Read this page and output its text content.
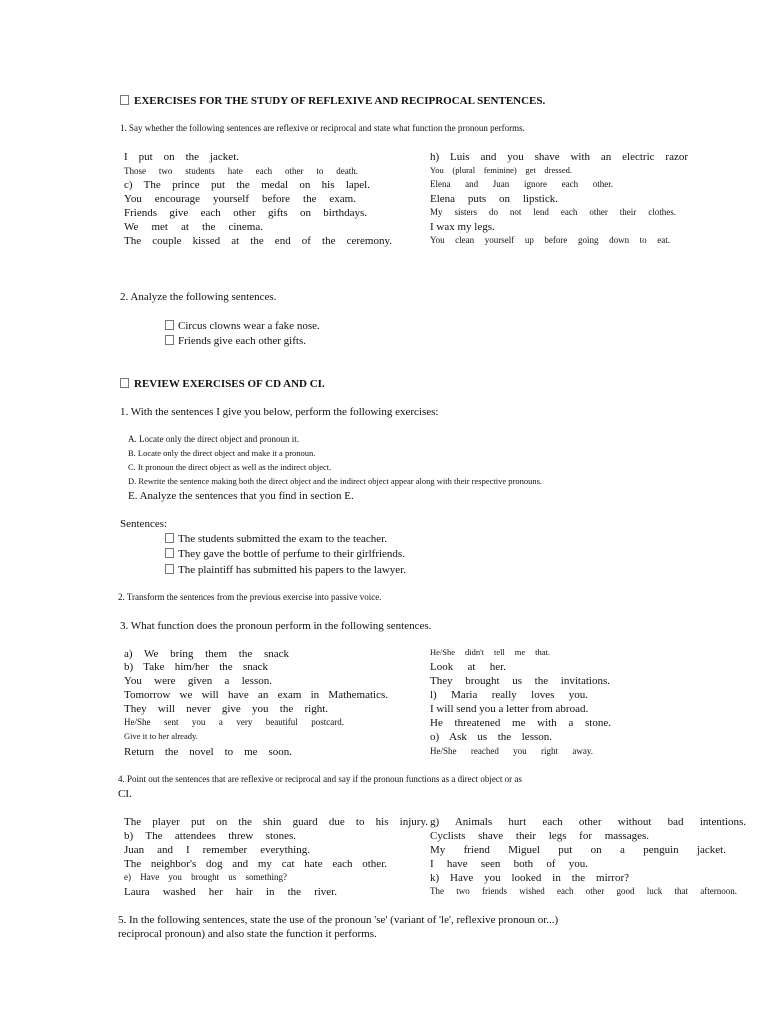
EXERCISES FOR THE STUDY OF REFLEXIVE AND RECIPROCAL SENTENCES.
1. Say whether the following sentences are reflexive or reciprocal and state what function the pronoun performs.
I put on the jacket.
Those two students hate each other to death.
c) The prince put the medal on his lapel.
You encourage yourself before the exam.
Friends give each other gifts on birthdays.
We met at the cinema.
The couple kissed at the end of the ceremony.
h) Luis and you shave with an electric razor
You (plural feminine) get dressed.
Elena and Juan ignore each other.
Elena puts on lipstick.
My sisters do not lend each other their clothes.
I wax my legs.
You clean yourself up before going down to eat.
2. Analyze the following sentences.
Circus clowns wear a fake nose.
Friends give each other gifts.
REVIEW EXERCISES OF CD AND CI.
1. With the sentences I give you below, perform the following exercises:
A. Locate only the direct object and pronoun it.
B. Locate only the direct object and make it a pronoun.
C. It pronoun the direct object as well as the indirect object.
D. Rewrite the sentence making both the direct object and the indirect object appear along with their respective pronouns.
E. Analyze the sentences that you find in section E.
Sentences:
The students submitted the exam to the teacher.
They gave the bottle of perfume to their girlfriends.
The plaintiff has submitted his papers to the lawyer.
2. Transform the sentences from the previous exercise into passive voice.
3. What function does the pronoun perform in the following sentences.
a) We bring them the snack
b) Take him/her the snack
You were given a lesson.
Tomorrow we will have an exam in Mathematics.
They will never give you the right.
He/She sent you a very beautiful postcard.
Give it to her already.
Return the novel to me soon.
He/She didn't tell me that.
Look at her.
They brought us the invitations.
l) Maria really loves you.
I will send you a letter from abroad.
He threatened me with a stone.
o) Ask us the lesson.
He/She reached you right away.
4. Point out the sentences that are reflexive or reciprocal and say if the pronoun functions as a direct object or as
CI.
The player put on the shin guard due to his injury.
b) The attendees threw stones.
Juan and I remember everything.
The neighbor's dog and my cat hate each other.
e) Have you brought us something?
Laura washed her hair in the river.
g) Animals hurt each other without bad intentions.
Cyclists shave their legs for massages.
My friend Miguel put on a penguin jacket.
I have seen both of you.
k) Have you looked in the mirror?
The two friends wished each other good luck that afternoon.
5. In the following sentences, state the use of the pronoun 'se' (variant of 'le', reflexive pronoun or...)
reciprocal pronoun) and also state the function it performs.
